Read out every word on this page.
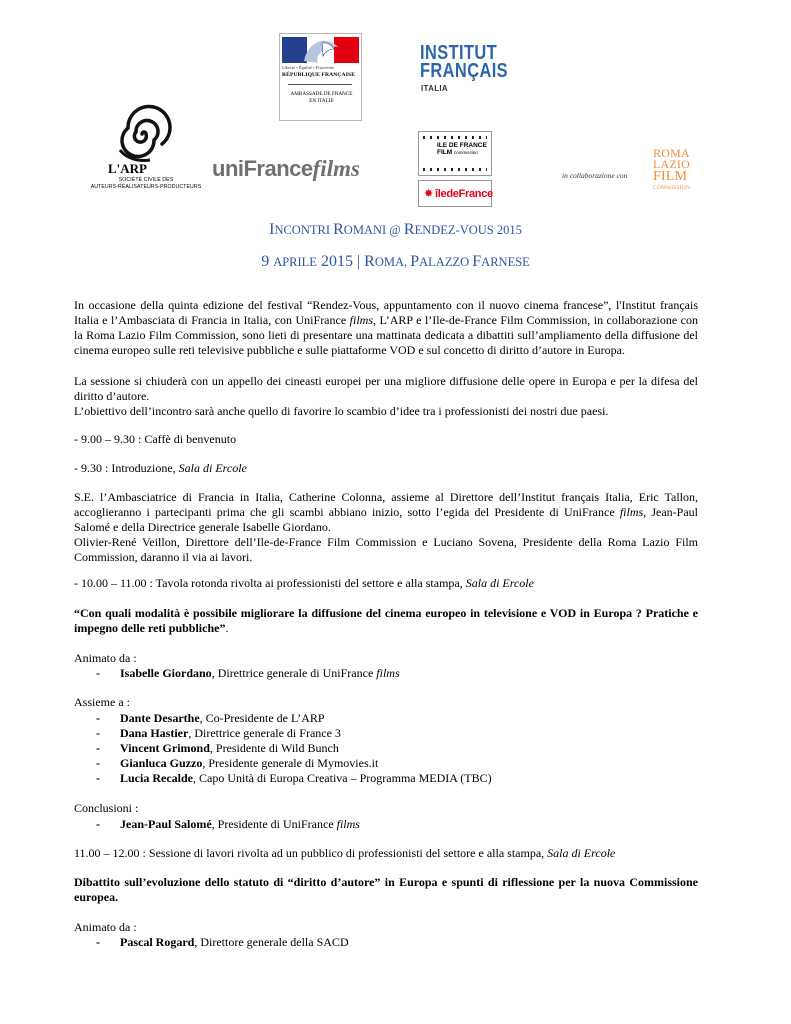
Liberté • Égalité • Fraternité
RÉPUBLIQUE FRANÇAISE
AMBASSADE DE FRANCE
EN ITALIE
INSTITUT
FRANÇAIS
ITALIA
L'ARP
SOCIÉTÉ CIVILE DES
AUTEURS-RÉALISATEURS-PRODUCTEURS
uniFrancefilms
ILE DE FRANCE
FILM commission
✸ îledeFrance
in collaborazione con
ROMA
LAZIO
FILM
COMMISSION
INCONTRI ROMANI @ RENDEZ-VOUS 2015
9 APRILE 2015 | ROMA, PALAZZO FARNESE

In occasione della quinta edizione del festival “Rendez-Vous, appuntamento con il nuovo cinema francese”, l'Institut français Italia e l’Ambasciata di Francia in Italia, con UniFrance films, L’ARP e l’Ile-de-France Film Commission, in collaborazione con la Roma Lazio Film Commission, sono lieti di presentare una mattinata dedicata a dibattiti sull’ampliamento della diffusione del cinema europeo sulle reti televisive pubbliche e sulle piattaforme VOD e sul concetto di diritto d’autore in Europa.

La sessione si chiuderà con un appello dei cineasti europei per una migliore diffusione delle opere in Europa e per la difesa del diritto d’autore.

L’obiettivo dell’incontro sarà anche quello di favorire lo scambio d’idee tra i professionisti dei nostri due paesi.

- 9.00 – 9.30 : Caffè di benvenuto

- 9.30 : Introduzione, Sala di Ercole

S.E. l’Ambasciatrice di Francia in Italia, Catherine Colonna, assieme al Direttore dell’Institut français Italia, Eric Tallon, accoglieranno i partecipanti prima che gli scambi abbiano inizio, sotto l’egida del Presidente di UniFrance films, Jean-Paul Salomé e della Directrice generale Isabelle Giordano.

Olivier-René Veillon, Direttore dell’Ile-de-France Film Commission e Luciano Sovena, Presidente della Roma Lazio Film Commission, daranno il via ai lavori.

- 10.00 – 11.00 : Tavola rotonda rivolta ai professionisti del settore e alla stampa, Sala di Ercole

“Con quali modalità è possibile migliorare la diffusione del cinema europeo in televisione e VOD in Europa ? Pratiche e impegno delle reti pubbliche”.

Animato da :

- Isabelle Giordano, Direttrice generale di UniFrance films

Assieme a :

- Dante Desarthe, Co-Presidente de L’ARP
- Dana Hastier, Direttrice generale di France 3
- Vincent Grimond, Presidente di Wild Bunch
- Gianluca Guzzo, Presidente generale di Mymovies.it
- Lucia Recalde, Capo Unità di Europa Creativa – Programma MEDIA (TBC)

Conclusioni :

- Jean-Paul Salomé, Presidente di UniFrance films

11.00 – 12.00 : Sessione di lavori rivolta ad un pubblico di professionisti del settore e alla stampa, Sala di Ercole

Dibattito sull’evoluzione dello statuto di “diritto d’autore” in Europa e spunti di riflessione per la nuova Commissione europea.

Animato da :

- Pascal Rogard, Direttore generale della SACD
